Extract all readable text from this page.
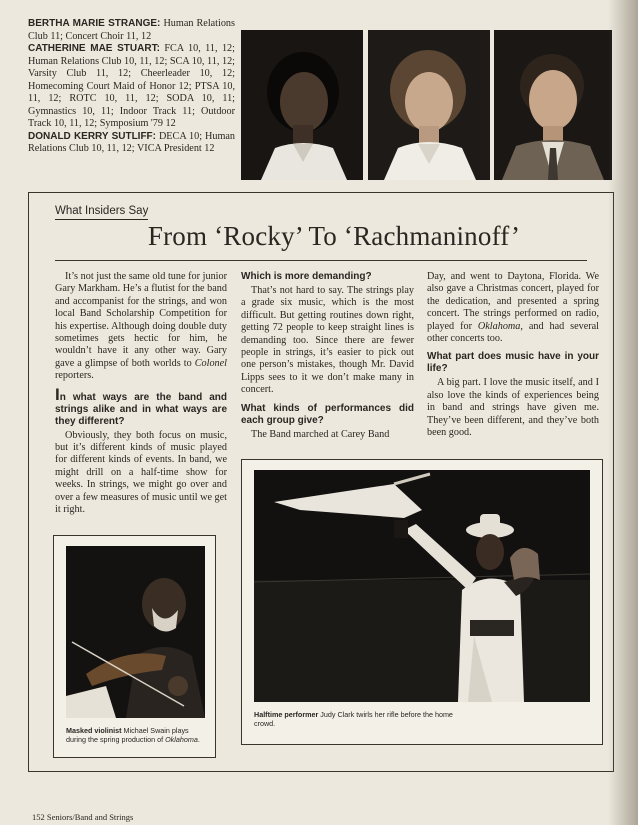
BERTHA MARIE STRANGE: Human Relations Club 11; Concert Choir 11, 12

CATHERINE MAE STUART: FCA 10, 11, 12; Human Relations Club 10, 11, 12; SCA 10, 11, 12; Varsity Club 11, 12; Cheerleader 10, 12; Homecoming Court Maid of Honor 12; PTSA 10, 11, 12; ROTC 10, 11, 12; SODA 10, 11; Gymnastics 10, 11; Indoor Track 11; Outdoor Track 10, 11, 12; Symposium '79 12

DONALD KERRY SUTLIFF: DECA 10; Human Relations Club 10, 11, 12; VICA President 12

What Insiders Say
From ‘Rocky’ To ‘Rachmaninoff’

It’s not just the same old tune for junior Gary Markham. He’s a flutist for the band and accompanist for the strings, and won local Band Scholarship Competition for his expertise. Although doing double duty sometimes gets hectic for him, he wouldn’t have it any other way. Gary gave a glimpse of both worlds to Colonel reporters.

In what ways are the band and strings alike and in what ways are they different?

Obviously, they both focus on music, but it’s different kinds of music played for different kinds of events. In band, we might drill on a half-time show for weeks. In strings, we might go over and over a few measures of music until we get it right.

Which is more demanding?

That’s not hard to say. The strings play a grade six music, which is the most difficult. But getting routines down right, getting 72 people to keep straight lines is demanding too. Since there are fewer people in strings, it’s easier to pick out one person’s mistakes, though Mr. David Lipps sees to it we don’t make many in concert.

What kinds of performances did each group give?

The Band marched at Carey Band

Day, and went to Daytona, Florida. We also gave a Christmas concert, played for the dedication, and presented a spring concert. The strings performed on radio, played for Oklahoma, and had several other concerts too.

What part does music have in your life?

A big part. I love the music itself, and I also love the kinds of experiences being in band and strings have given me. They’ve been different, and they’ve both been good.

Masked violinist Michael Swain plays during the spring production of Oklahoma.
Halftime performer Judy Clark twirls her rifle before the home crowd.
152 Seniors/Band and Strings
